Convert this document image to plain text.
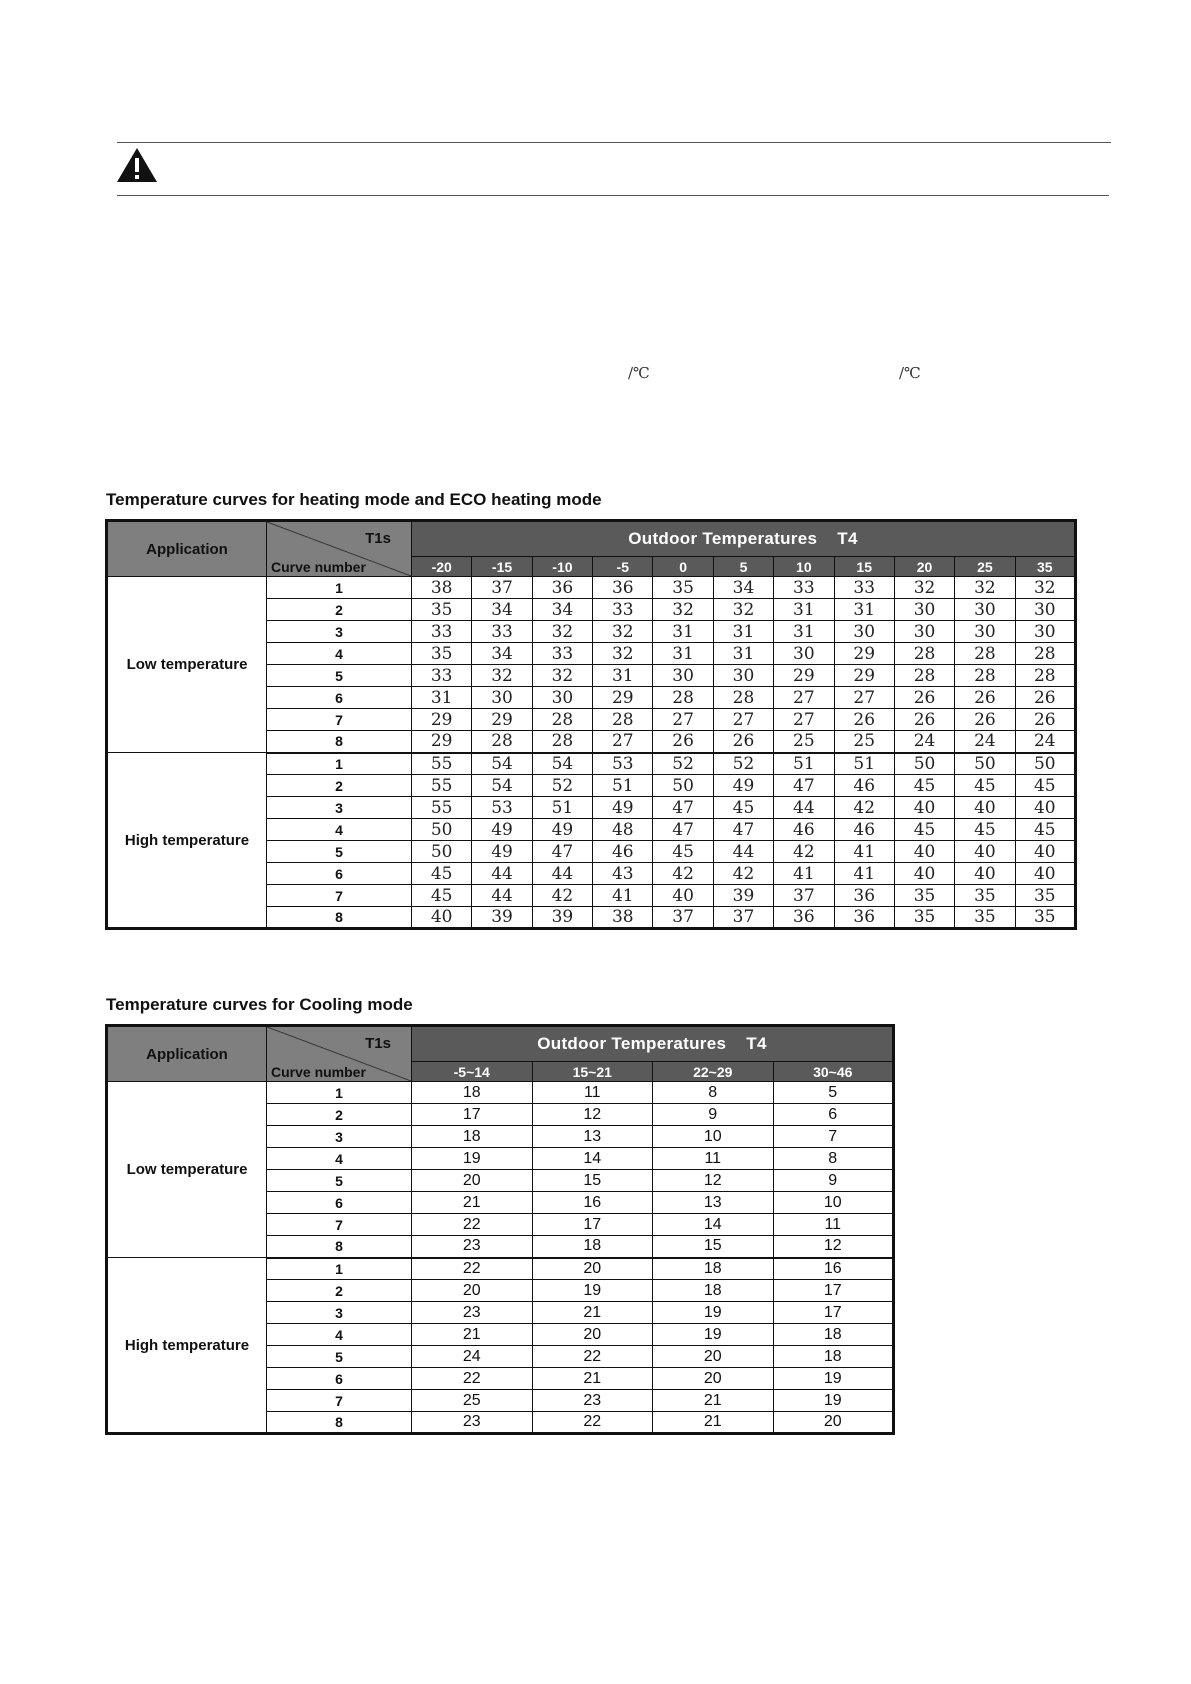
/℃	/℃
Temperature curves for heating mode and ECO heating mode
Application	T1s
Curve number	Outdoor Temperatures    T4										
		-20	-15	-10	-5	0	5	10	15	20	25	35
Low temperature	1	38	37	36	36	35	34	33	33	32	32	32
	2	35	34	34	33	32	32	31	31	30	30	30
	3	33	33	32	32	31	31	31	30	30	30	30
	4	35	34	33	32	31	31	30	29	28	28	28
	5	33	32	32	31	30	30	29	29	28	28	28
	6	31	30	30	29	28	28	27	27	26	26	26
	7	29	29	28	28	27	27	27	26	26	26	26
	8	29	28	28	27	26	26	25	25	24	24	24
High temperature	1	55	54	54	53	52	52	51	51	50	50	50
	2	55	54	52	51	50	49	47	46	45	45	45
	3	55	53	51	49	47	45	44	42	40	40	40
	4	50	49	49	48	47	47	46	46	45	45	45
	5	50	49	47	46	45	44	42	41	40	40	40
	6	45	44	44	43	42	42	41	41	40	40	40
	7	45	44	42	41	40	39	37	36	35	35	35
	8	40	39	39	38	37	37	36	36	35	35	35
Temperature curves for Cooling mode
Application	T1s
Curve number	Outdoor Temperatures    T4			
		-5~14	15~21	22~29	30~46
Low temperature	1	18	11	8	5
	2	17	12	9	6
	3	18	13	10	7
	4	19	14	11	8
	5	20	15	12	9
	6	21	16	13	10
	7	22	17	14	11
	8	23	18	15	12
High temperature	1	22	20	18	16
	2	20	19	18	17
	3	23	21	19	17
	4	21	20	19	18
	5	24	22	20	18
	6	22	21	20	19
	7	25	23	21	19
	8	23	22	21	20
